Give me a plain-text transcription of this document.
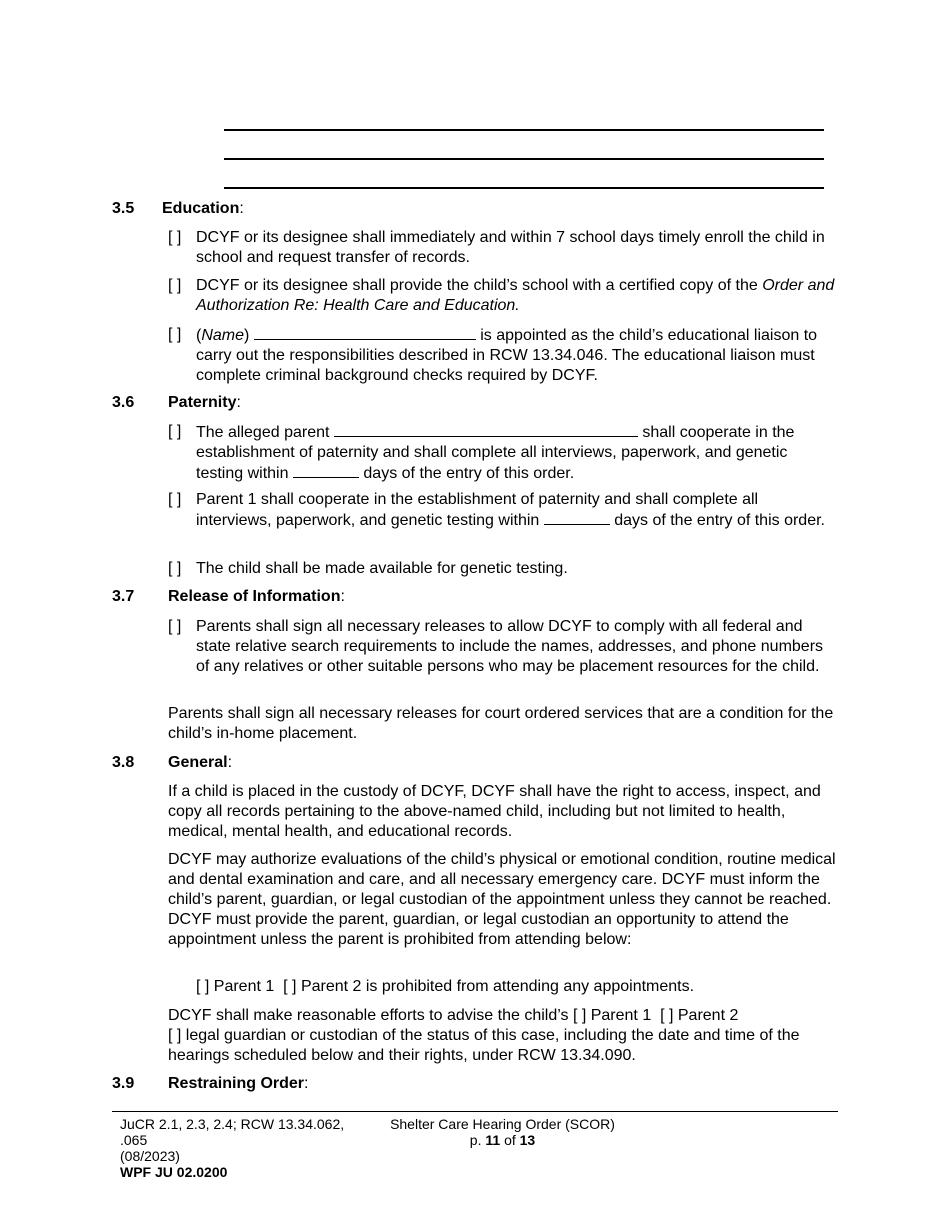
3.5 Education:
[ ] DCYF or its designee shall immediately and within 7 school days timely enroll the child in school and request transfer of records.
[ ] DCYF or its designee shall provide the child’s school with a certified copy of the Order and Authorization Re: Health Care and Education.
[ ] (Name)	is appointed as the child’s educational liaison to carry out the responsibilities described in RCW 13.34.046. The educational liaison must complete criminal background checks required by DCYF.
3.6 Paternity:
[ ] The alleged parent	shall cooperate in the establishment of paternity and shall complete all interviews, paperwork, and genetic testing within	days of the entry of this order.
[ ] Parent 1 shall cooperate in the establishment of paternity and shall complete all interviews, paperwork, and genetic testing within	days of the entry of this order.
[ ] The child shall be made available for genetic testing.
3.7 Release of Information:
[ ] Parents shall sign all necessary releases to allow DCYF to comply with all federal and state relative search requirements to include the names, addresses, and phone numbers of any relatives or other suitable persons who may be placement resources for the child.
Parents shall sign all necessary releases for court ordered services that are a condition for the child’s in-home placement.
3.8 General:
If a child is placed in the custody of DCYF, DCYF shall have the right to access, inspect, and copy all records pertaining to the above-named child, including but not limited to health, medical, mental health, and educational records.
DCYF may authorize evaluations of the child’s physical or emotional condition, routine medical and dental examination and care, and all necessary emergency care. DCYF must inform the child’s parent, guardian, or legal custodian of the appointment unless they cannot be reached. DCYF must provide the parent, guardian, or legal custodian an opportunity to attend the appointment unless the parent is prohibited from attending below:
[ ] Parent 1  [ ] Parent 2 is prohibited from attending any appointments.
DCYF shall make reasonable efforts to advise the child’s [ ] Parent 1  [ ] Parent 2
[ ] legal guardian or custodian of the status of this case, including the date and time of the hearings scheduled below and their rights, under RCW 13.34.090.
3.9 Restraining Order:
JuCR 2.1, 2.3, 2.4; RCW 13.34.062,
.065
(08/2023)
WPF JU 02.0200
Shelter Care Hearing Order (SCOR)
p. 11 of 13
